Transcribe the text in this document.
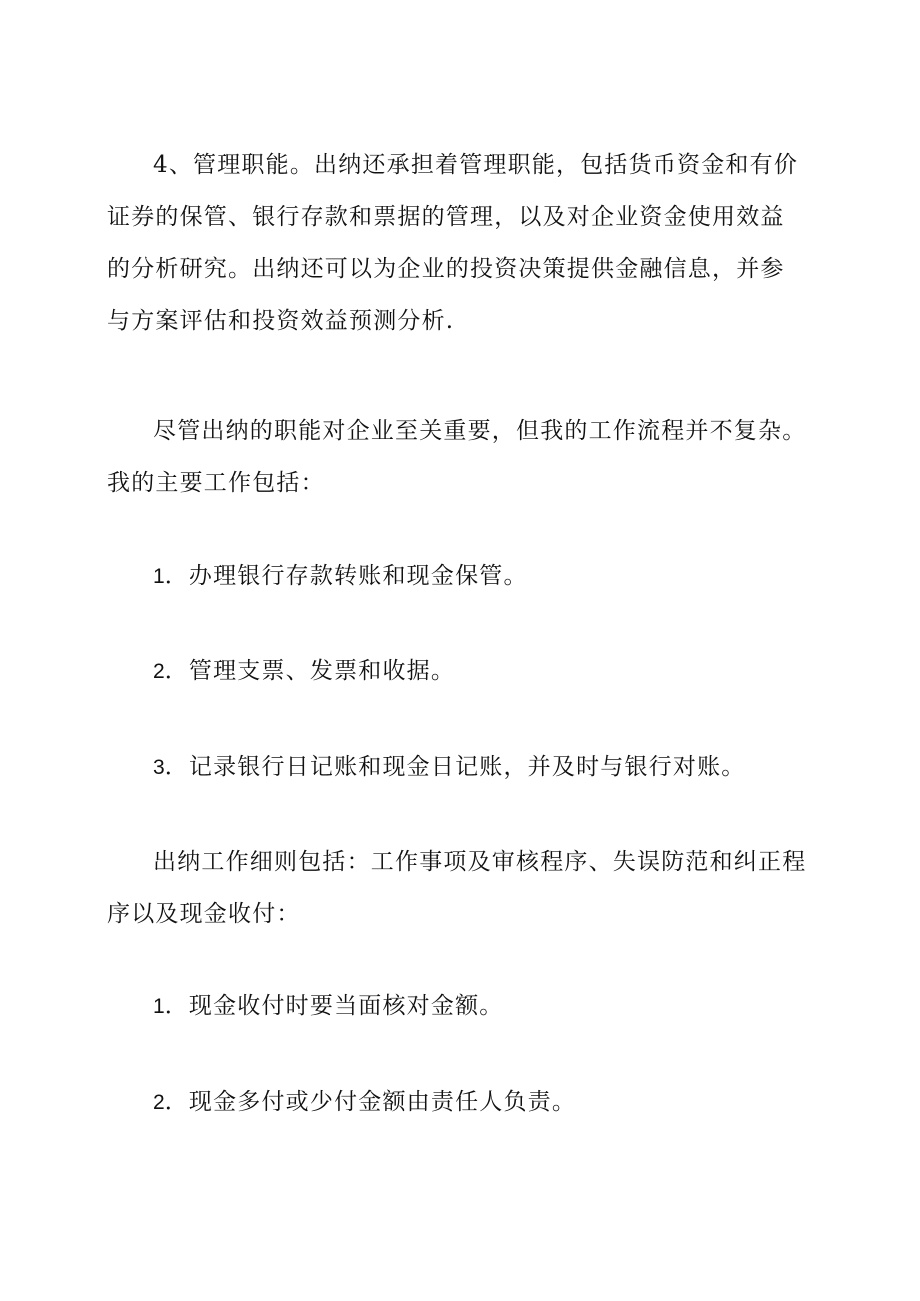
4、管理职能。出纳还承担着管理职能，包括货币资金和有价证券的保管、银行存款和票据的管理，以及对企业资金使用效益的分析研究。出纳还可以为企业的投资决策提供金融信息，并参与方案评估和投资效益预测分析.

尽管出纳的职能对企业至关重要，但我的工作流程并不复杂。我的主要工作包括：

1．办理银行存款转账和现金保管。

2．管理支票、发票和收据。

3．记录银行日记账和现金日记账，并及时与银行对账。

出纳工作细则包括：工作事项及审核程序、失误防范和纠正程序以及现金收付：

1．现金收付时要当面核对金额。

2．现金多付或少付金额由责任人负责。
